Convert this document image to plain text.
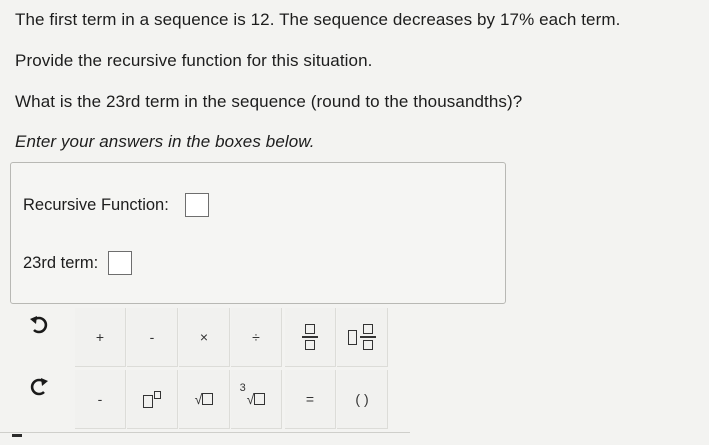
The first term in a sequence is 12. The sequence decreases by 17% each term.
Provide the recursive function for this situation.
What is the 23rd term in the sequence (round to the thousandths)?
Enter your answers in the boxes below.
Recursive Function:
23rd term:
+	-	×	÷
-	√
3
√	=	( )
